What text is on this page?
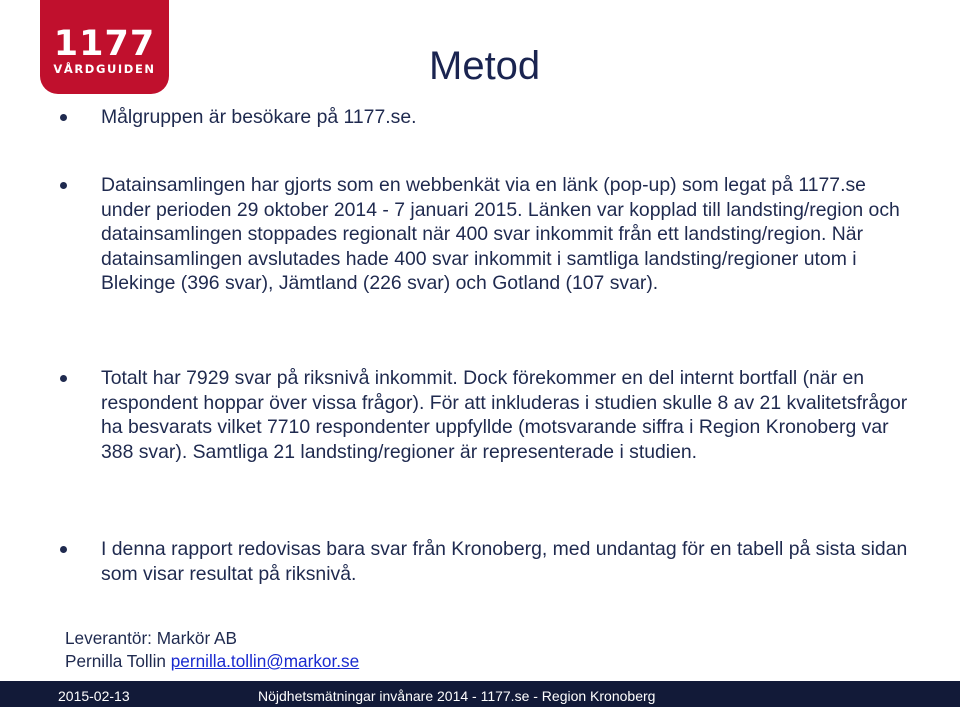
1177
VÅRDGUIDEN	Metod
Målgruppen är besökare på 1177.se.
Datainsamlingen har gjorts som en webbenkät via en länk (pop-up) som legat på 1177.se under perioden 29 oktober 2014 - 7 januari 2015. Länken var kopplad till landsting/region och datainsamlingen stoppades regionalt när 400 svar inkommit från ett landsting/region. När datainsamlingen avslutades hade 400 svar inkommit i samtliga landsting/regioner utom i Blekinge (396 svar), Jämtland (226 svar) och Gotland (107 svar).
Totalt har 7929 svar på riksnivå inkommit. Dock förekommer en del internt bortfall (när en respondent hoppar över vissa frågor). För att inkluderas i studien skulle 8 av 21 kvalitetsfrågor ha besvarats vilket 7710 respondenter uppfyllde (motsvarande siffra i Region Kronoberg var 388 svar). Samtliga 21 landsting/regioner är representerade i studien.
I denna rapport redovisas bara svar från Kronoberg, med undantag för en tabell på sista sidan som visar resultat på riksnivå.
Leverantör: Markör AB
Pernilla Tollin pernilla.tollin@markor.se
2015-02-13	Nöjdhetsmätningar invånare 2014 - 1177.se - Region Kronoberg
